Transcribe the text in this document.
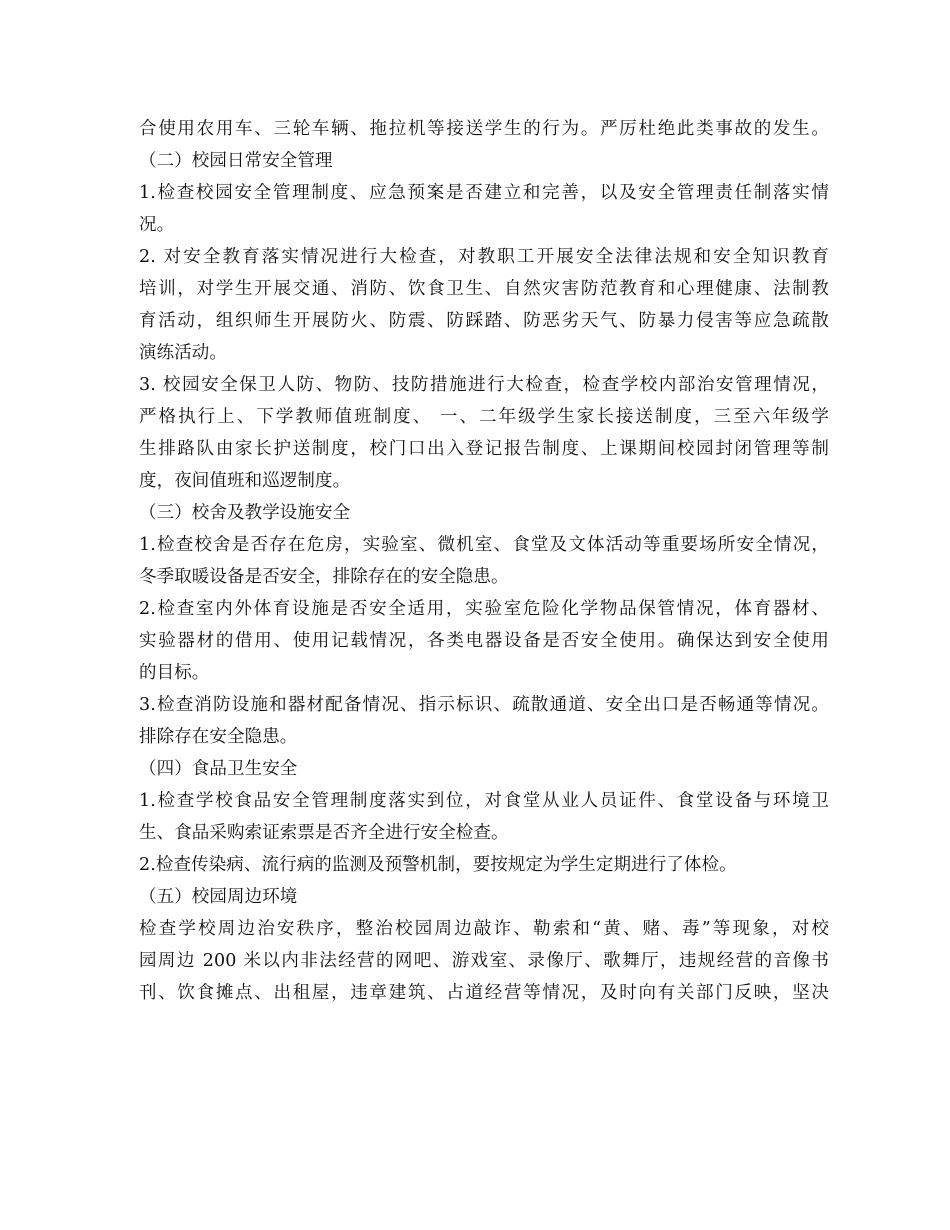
合使用农用车、三轮车辆、拖拉机等接送学生的行为。严厉杜绝此类事故的发生。
（二）校园日常安全管理
1.检查校园安全管理制度、应急预案是否建立和完善，以及安全管理责任制落实情
况。
2. 对安全教育落实情况进行大检查，对教职工开展安全法律法规和安全知识教育
培训，对学生开展交通、消防、饮食卫生、自然灾害防范教育和心理健康、法制教
育活动，组织师生开展防火、防震、防踩踏、防恶劣天气、防暴力侵害等应急疏散
演练活动。
3. 校园安全保卫人防、物防、技防措施进行大检查，检查学校内部治安管理情况，
严格执行上、下学教师值班制度、 一、二年级学生家长接送制度，三至六年级学
生排路队由家长护送制度，校门口出入登记报告制度、上课期间校园封闭管理等制
度，夜间值班和巡逻制度。
（三）校舍及教学设施安全
1.检查校舍是否存在危房，实验室、微机室、食堂及文体活动等重要场所安全情况，
冬季取暖设备是否安全，排除存在的安全隐患。
2.检查室内外体育设施是否安全适用，实验室危险化学物品保管情况，体育器材、
实验器材的借用、使用记载情况，各类电器设备是否安全使用。确保达到安全使用
的目标。
3.检查消防设施和器材配备情况、指示标识、疏散通道、安全出口是否畅通等情况。
排除存在安全隐患。
（四）食品卫生安全
1.检查学校食品安全管理制度落实到位，对食堂从业人员证件、食堂设备与环境卫
生、食品采购索证索票是否齐全进行安全检查。
2.检查传染病、流行病的监测及预警机制，要按规定为学生定期进行了体检。
（五）校园周边环境
检查学校周边治安秩序，整治校园周边敲诈、勒索和“黄、赌、毒”等现象，对校
园周边 200 米以内非法经营的网吧、游戏室、录像厅、歌舞厅，违规经营的音像书
刊、饮食摊点、出租屋，违章建筑、占道经营等情况，及时向有关部门反映，坚决
